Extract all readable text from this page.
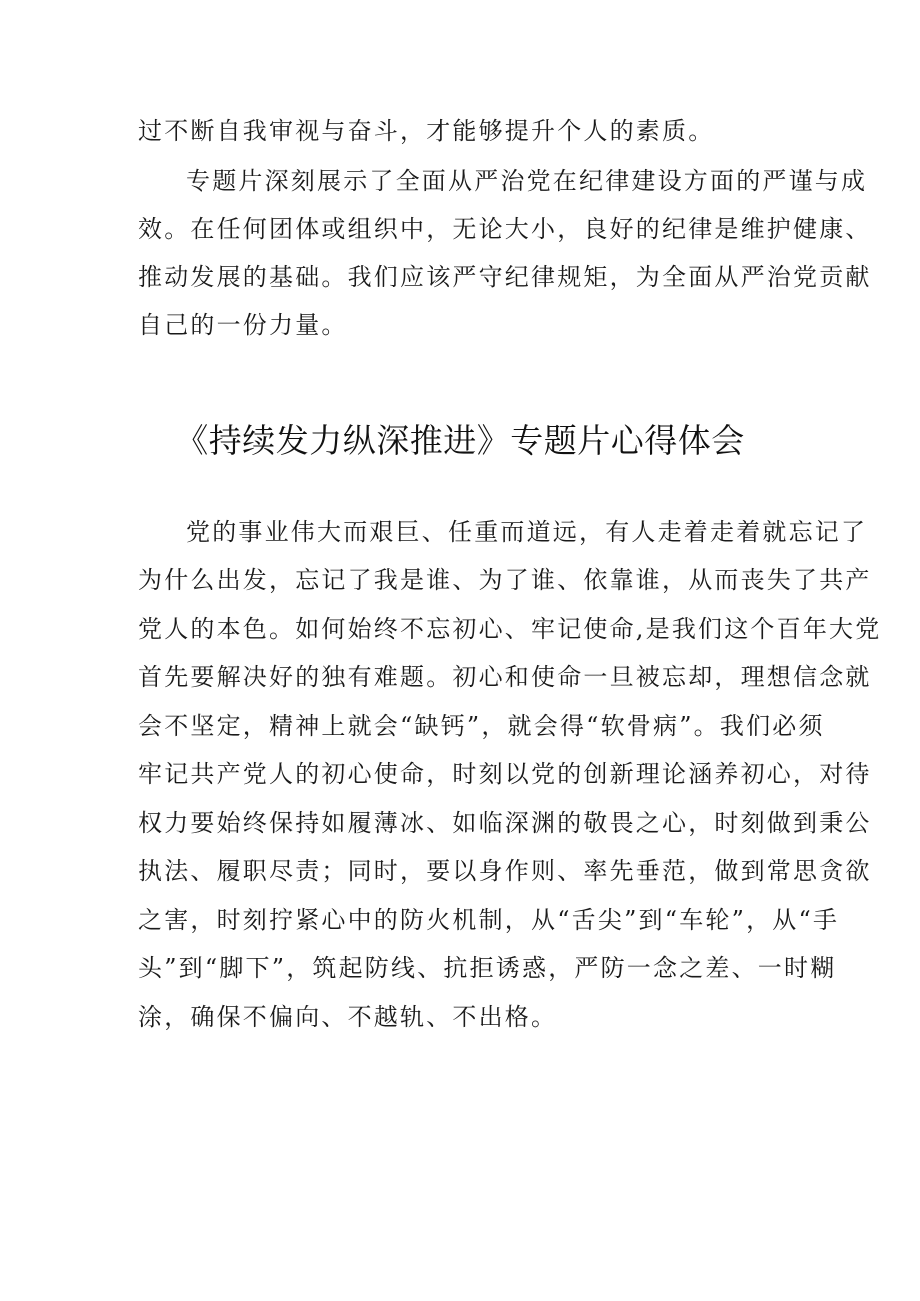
过不断自我审视与奋斗，才能够提升个人的素质。

专题片深刻展示了全面从严治党在纪律建设方面的严谨与成

效。在任何团体或组织中，无论大小，良好的纪律是维护健康、

推动发展的基础。我们应该严守纪律规矩，为全面从严治党贡献

自己的一份力量。

《持续发力纵深推进》专题片心得体会

党的事业伟大而艰巨、任重而道远，有人走着走着就忘记了

为什么出发，忘记了我是谁、为了谁、依靠谁，从而丧失了共产

党人的本色。如何始终不忘初心、牢记使命,是我们这个百年大党

首先要解决好的独有难题。初心和使命一旦被忘却，理想信念就

会不坚定，精神上就会“缺钙”，就会得“软骨病”。我们必须

牢记共产党人的初心使命，时刻以党的创新理论涵养初心，对待

权力要始终保持如履薄冰、如临深渊的敬畏之心，时刻做到秉公

执法、履职尽责；同时，要以身作则、率先垂范，做到常思贪欲

之害，时刻拧紧心中的防火机制，从“舌尖”到“车轮”，从“手

头”到“脚下”，筑起防线、抗拒诱惑，严防一念之差、一时糊

涂，确保不偏向、不越轨、不出格。
